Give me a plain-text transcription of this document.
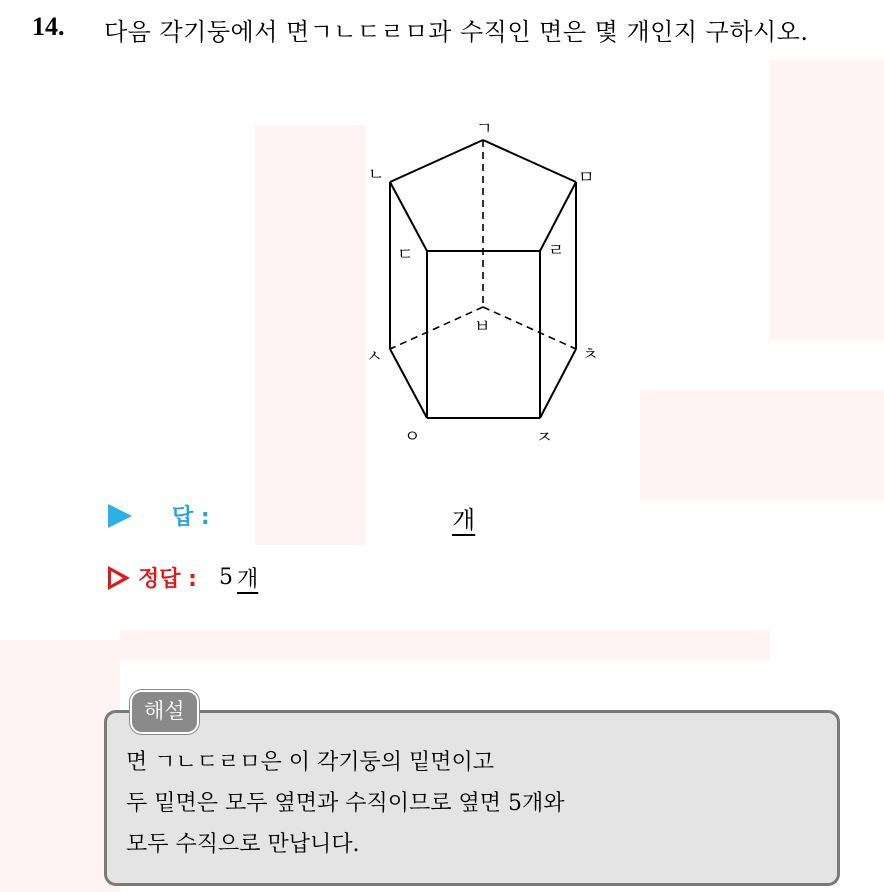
14. 다음 각기둥에서 면ㄱㄴㄷㄹㅁ과 수직인 면은 몇 개인지 구하시오.
ㄱ
ㄴ	ㅁ
ㄷ	ㄹ
ㅂ
ㅅ	ㅊ
ㅇ	ㅈ
답 :	개
정답 : 5 개
해설
면 ㄱㄴㄷㄹㅁ은 이 각기둥의 밑면이고
두 밑면은 모두 옆면과 수직이므로 옆면 5개와
모두 수직으로 만납니다.
